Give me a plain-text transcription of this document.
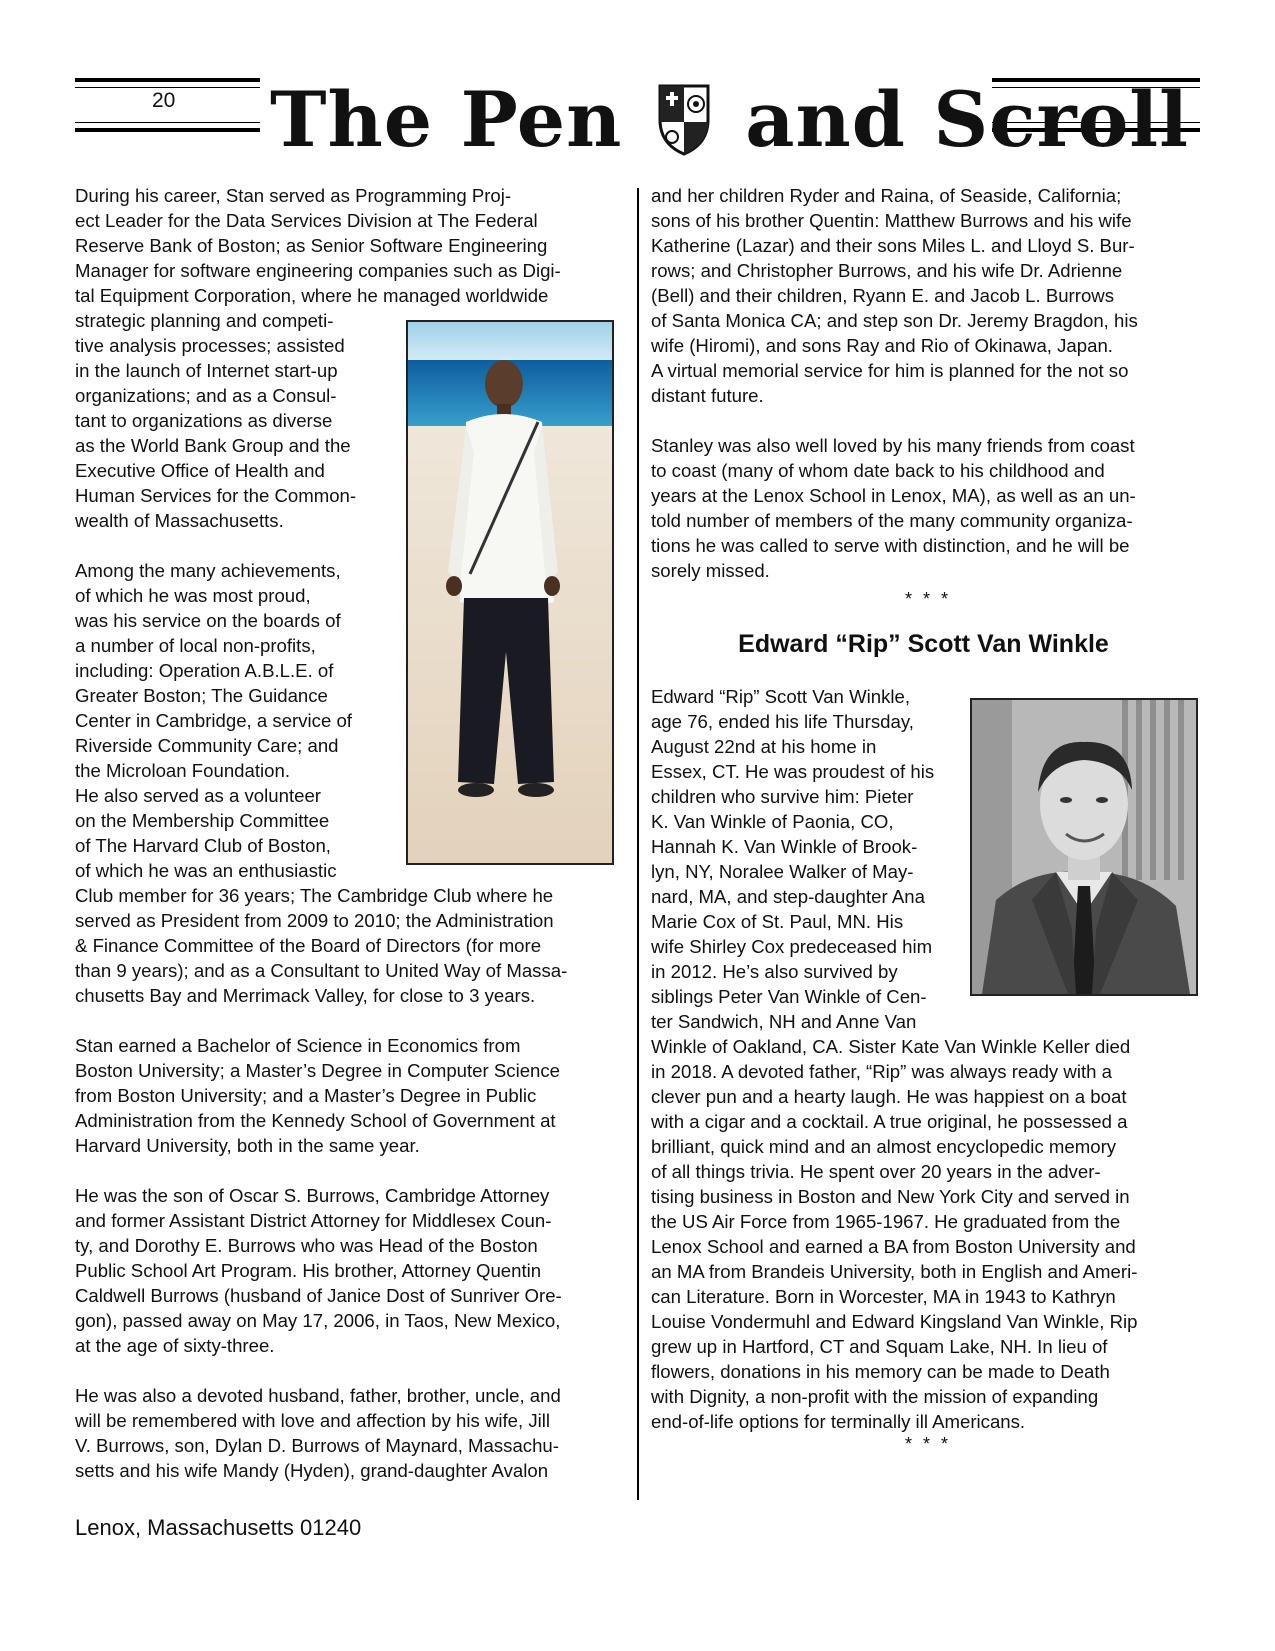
20 The Pen and Scroll

During his career, Stan served as Programming Proj-

ect Leader for the Data Services Division at The Federal

Reserve Bank of Boston; as Senior Software Engineering

Manager for software engineering companies such as Digi-

tal Equipment Corporation, where he managed worldwide

strategic planning and competi-

tive analysis processes; assisted

in the launch of Internet start-up

organizations; and as a Consul-

tant to organizations as diverse

as the World Bank Group and the

Executive Office of Health and

Human Services for the Common-

wealth of Massachusetts.

Among the many achievements,

of which he was most proud,

was his service on the boards of

a number of local non-profits,

including: Operation A.B.L.E. of

Greater Boston; The Guidance

Center in Cambridge, a service of

Riverside Community Care; and

the Microloan Foundation.

He also served as a volunteer

on the Membership Committee

of The Harvard Club of Boston,

of which he was an enthusiastic

Club member for 36 years; The Cambridge Club where he

served as President from 2009 to 2010; the Administration

& Finance Committee of the Board of Directors (for more

than 9 years); and as a Consultant to United Way of Massa-

chusetts Bay and Merrimack Valley, for close to 3 years.

Stan earned a Bachelor of Science in Economics from

Boston University; a Master’s Degree in Computer Science

from Boston University; and a Master’s Degree in Public

Administration from the Kennedy School of Government at

Harvard University, both in the same year.

He was the son of Oscar S. Burrows, Cambridge Attorney

and former Assistant District Attorney for Middlesex Coun-

ty, and Dorothy E. Burrows who was Head of the Boston

Public School Art Program. His brother, Attorney Quentin

Caldwell Burrows (husband of Janice Dost of Sunriver Ore-

gon), passed away on May 17, 2006, in Taos, New Mexico,

at the age of sixty-three.

He was also a devoted husband, father, brother, uncle, and

will be remembered with love and affection by his wife, Jill

V. Burrows, son, Dylan D. Burrows of Maynard, Massachu-

setts and his wife Mandy (Hyden), grand-daughter Avalon

and her children Ryder and Raina, of Seaside, California;

sons of his brother Quentin: Matthew Burrows and his wife

Katherine (Lazar) and their sons Miles L. and Lloyd S. Bur-

rows; and Christopher Burrows, and his wife Dr. Adrienne

(Bell) and their children, Ryann E. and Jacob L. Burrows

of Santa Monica CA; and step son Dr. Jeremy Bragdon, his

wife (Hiromi), and sons Ray and Rio of Okinawa, Japan.

A virtual memorial service for him is planned for the not so

distant future.

Stanley was also well loved by his many friends from coast

to coast (many of whom date back to his childhood and

years at the Lenox School in Lenox, MA), as well as an un-

told number of members of the many community organiza-

tions he was called to serve with distinction, and he will be

sorely missed.

* * *
Edward “Rip” Scott Van Winkle

Edward “Rip” Scott Van Winkle,

age 76, ended his life Thursday,

August 22nd at his home in

Essex, CT. He was proudest of his

children who survive him: Pieter

K. Van Winkle of Paonia, CO,

Hannah K. Van Winkle of Brook-

lyn, NY, Noralee Walker of May-

nard, MA, and step-daughter Ana

Marie Cox of St. Paul, MN. His

wife Shirley Cox predeceased him

in 2012. He’s also survived by

siblings Peter Van Winkle of Cen-

ter Sandwich, NH and Anne Van

Winkle of Oakland, CA. Sister Kate Van Winkle Keller died

in 2018. A devoted father, “Rip” was always ready with a

clever pun and a hearty laugh. He was happiest on a boat

with a cigar and a cocktail. A true original, he possessed a

brilliant, quick mind and an almost encyclopedic memory

of all things trivia. He spent over 20 years in the adver-

tising business in Boston and New York City and served in

the US Air Force from 1965-1967. He graduated from the

Lenox School and earned a BA from Boston University and

an MA from Brandeis University, both in English and Ameri-

can Literature. Born in Worcester, MA in 1943 to Kathryn

Louise Vondermuhl and Edward Kingsland Van Winkle, Rip

grew up in Hartford, CT and Squam Lake, NH. In lieu of

flowers, donations in his memory can be made to Death

with Dignity, a non-profit with the mission of expanding

end-of-life options for terminally ill Americans.

* * *
Lenox, Massachusetts 01240
